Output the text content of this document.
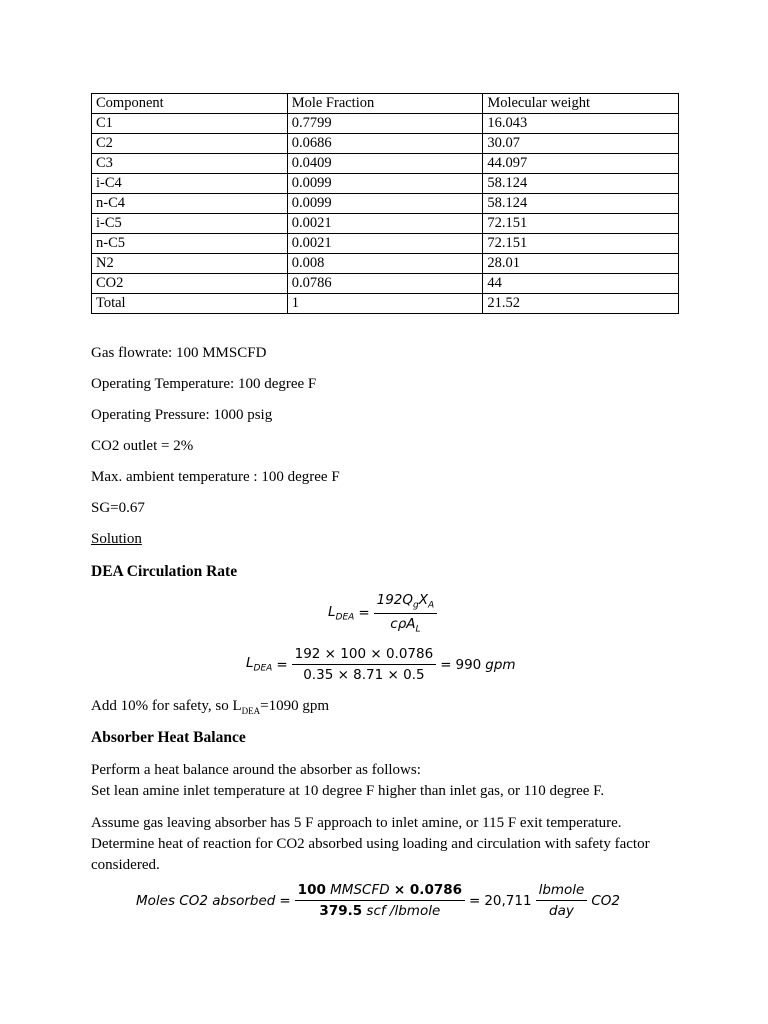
Component	Mole Fraction	Molecular weight
C1	0.7799	16.043
C2	0.0686	30.07
C3	0.0409	44.097
i-C4	0.0099	58.124
n-C4	0.0099	58.124
i-C5	0.0021	72.151
n-C5	0.0021	72.151
N2	0.008	28.01
CO2	0.0786	44
Total	1	21.52
Gas flowrate: 100 MMSCFD
Operating Temperature: 100 degree F
Operating Pressure: 1000 psig
CO2 outlet = 2%
Max. ambient temperature : 100 degree F
SG=0.67
Solution
DEA Circulation Rate
$L_{DEA} = \frac{192Q_gX_A}{c\rho A_L}$
$L_{DEA} = \frac{192 \times 100 \times 0.0786}{0.35 \times 8.71 \times 0.5} = 990$ gpm
Add 10% for safety, so $L_{DEA}=1090$ gpm
Absorber Heat Balance
Perform a heat balance around the absorber as follows:
Set lean amine inlet temperature at 10 degree F higher than inlet gas, or 110 degree F.
Assume gas leaving absorber has 5 F approach to inlet amine, or 115 F exit temperature. Determine heat of reaction for CO2 absorbed using loading and circulation with safety factor considered.
Moles CO2 absorbed = $\frac{\text{100 MMSCFD × 0.0786}}{\text{379.5 scf /lbmole}} = 20,711 \frac{\text{lbmole}}{\text{day}} CO2$
